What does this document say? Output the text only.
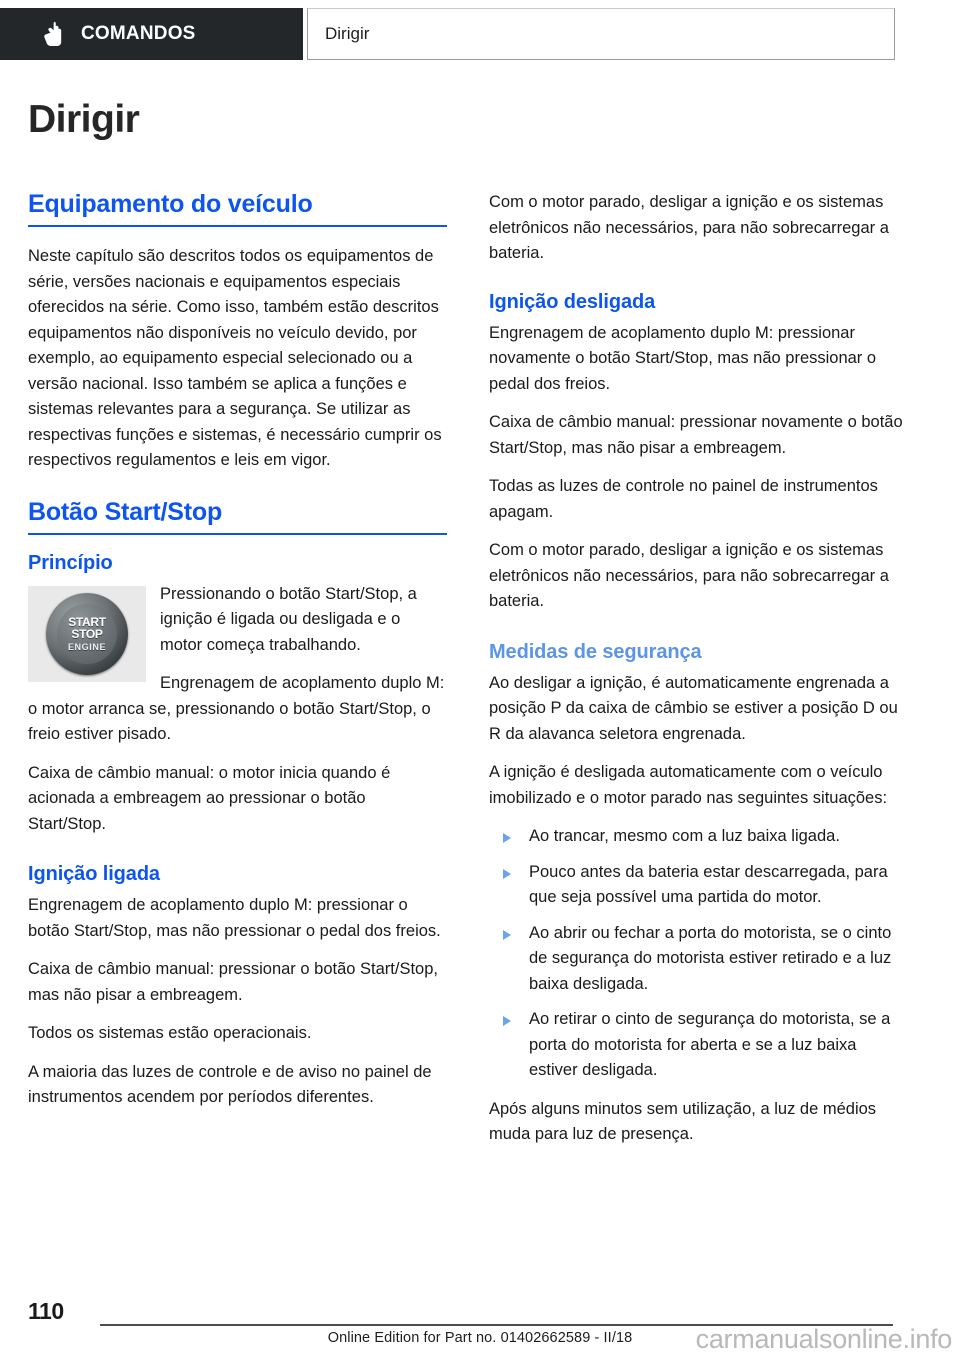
COMANDOS	Dirigir
Dirigir
Equipamento do veículo

Neste capítulo são descritos todos os equipamentos de série, versões nacionais e equipamentos especiais oferecidos na série. Como isso, também estão descritos equipamentos não disponíveis no veículo devido, por exemplo, ao equipamento especial selecionado ou a versão nacional. Isso também se aplica a funções e sistemas relevantes para a segurança. Se utilizar as respectivas funções e sistemas, é necessário cumprir os respectivos regulamentos e leis em vigor.

Botão Start/Stop
Princípio
START
STOP
ENGINE

Pressionando o botão Start/Stop, a ignição é ligada ou desligada e o motor começa trabalhando.

Engrenagem de acoplamento duplo M: o motor arranca se, pressionando o botão Start/Stop, o freio estiver pisado.

Caixa de câmbio manual: o motor inicia quando é acionada a embreagem ao pressionar o botão Start/Stop.

Ignição ligada

Engrenagem de acoplamento duplo M: pressionar o botão Start/Stop, mas não pressionar o pedal dos freios.

Caixa de câmbio manual: pressionar o botão Start/Stop, mas não pisar a embreagem.

Todos os sistemas estão operacionais.

A maioria das luzes de controle e de aviso no painel de instrumentos acendem por períodos diferentes.

Com o motor parado, desligar a ignição e os sistemas eletrônicos não necessários, para não sobrecarregar a bateria.

Ignição desligada

Engrenagem de acoplamento duplo M: pressionar novamente o botão Start/Stop, mas não pressionar o pedal dos freios.

Caixa de câmbio manual: pressionar novamente o botão Start/Stop, mas não pisar a embreagem.

Todas as luzes de controle no painel de instrumentos apagam.

Com o motor parado, desligar a ignição e os sistemas eletrônicos não necessários, para não sobrecarregar a bateria.

Medidas de segurança

Ao desligar a ignição, é automaticamente engrenada a posição P da caixa de câmbio se estiver a posição D ou R da alavanca seletora engrenada.

A ignição é desligada automaticamente com o veículo imobilizado e o motor parado nas seguintes situações:

Ao trancar, mesmo com a luz baixa ligada.
Pouco antes da bateria estar descarregada, para que seja possível uma partida do motor.
Ao abrir ou fechar a porta do motorista, se o cinto de segurança do motorista estiver retirado e a luz baixa desligada.
Ao retirar o cinto de segurança do motorista, se a porta do motorista for aberta e se a luz baixa estiver desligada.

Após alguns minutos sem utilização, a luz de médios muda para luz de presença.

110
Online Edition for Part no. 01402662589 - II/18	carmanualsonline.info
